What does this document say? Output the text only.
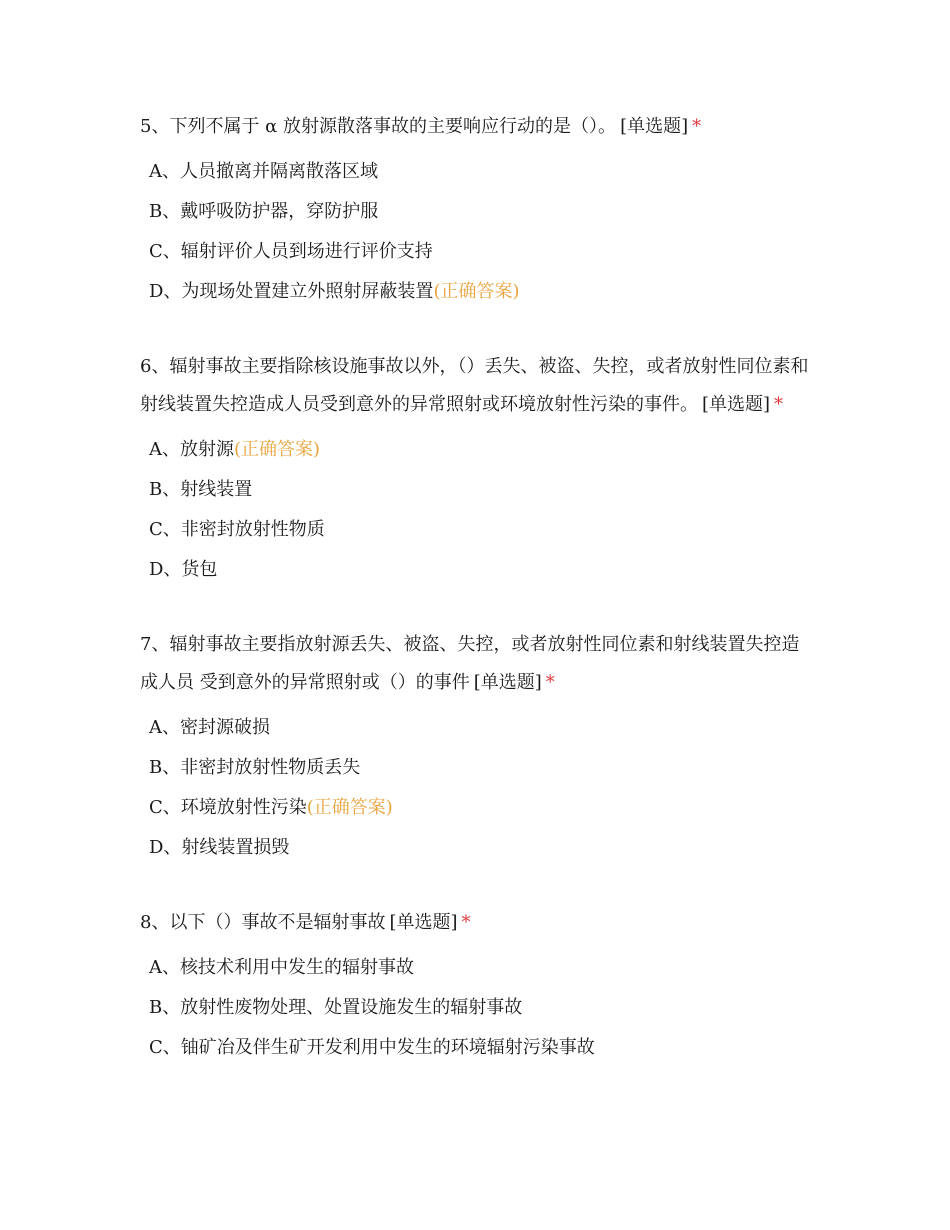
5、下列不属于 α 放射源散落事故的主要响应行动的是（）。 [单选题] *
A、人员撤离并隔离散落区域
B、戴呼吸防护器，穿防护服
C、辐射评价人员到场进行评价支持
D、为现场处置建立外照射屏蔽装置(正确答案)
6、辐射事故主要指除核设施事故以外，（）丢失、被盗、失控，或者放射性同位素和 射线装置失控造成人员受到意外的异常照射或环境放射性污染的事件。 [单选题] *
A、放射源(正确答案)
B、射线装置
C、非密封放射性物质
D、货包
7、辐射事故主要指放射源丢失、被盗、失控，或者放射性同位素和射线装置失控造成人员 受到意外的异常照射或（）的事件 [单选题] *
A、密封源破损
B、非密封放射性物质丢失
C、环境放射性污染(正确答案)
D、射线装置损毁
8、以下（）事故不是辐射事故 [单选题] *
A、核技术利用中发生的辐射事故
B、放射性废物处理、处置设施发生的辐射事故
C、铀矿冶及伴生矿开发利用中发生的环境辐射污染事故
